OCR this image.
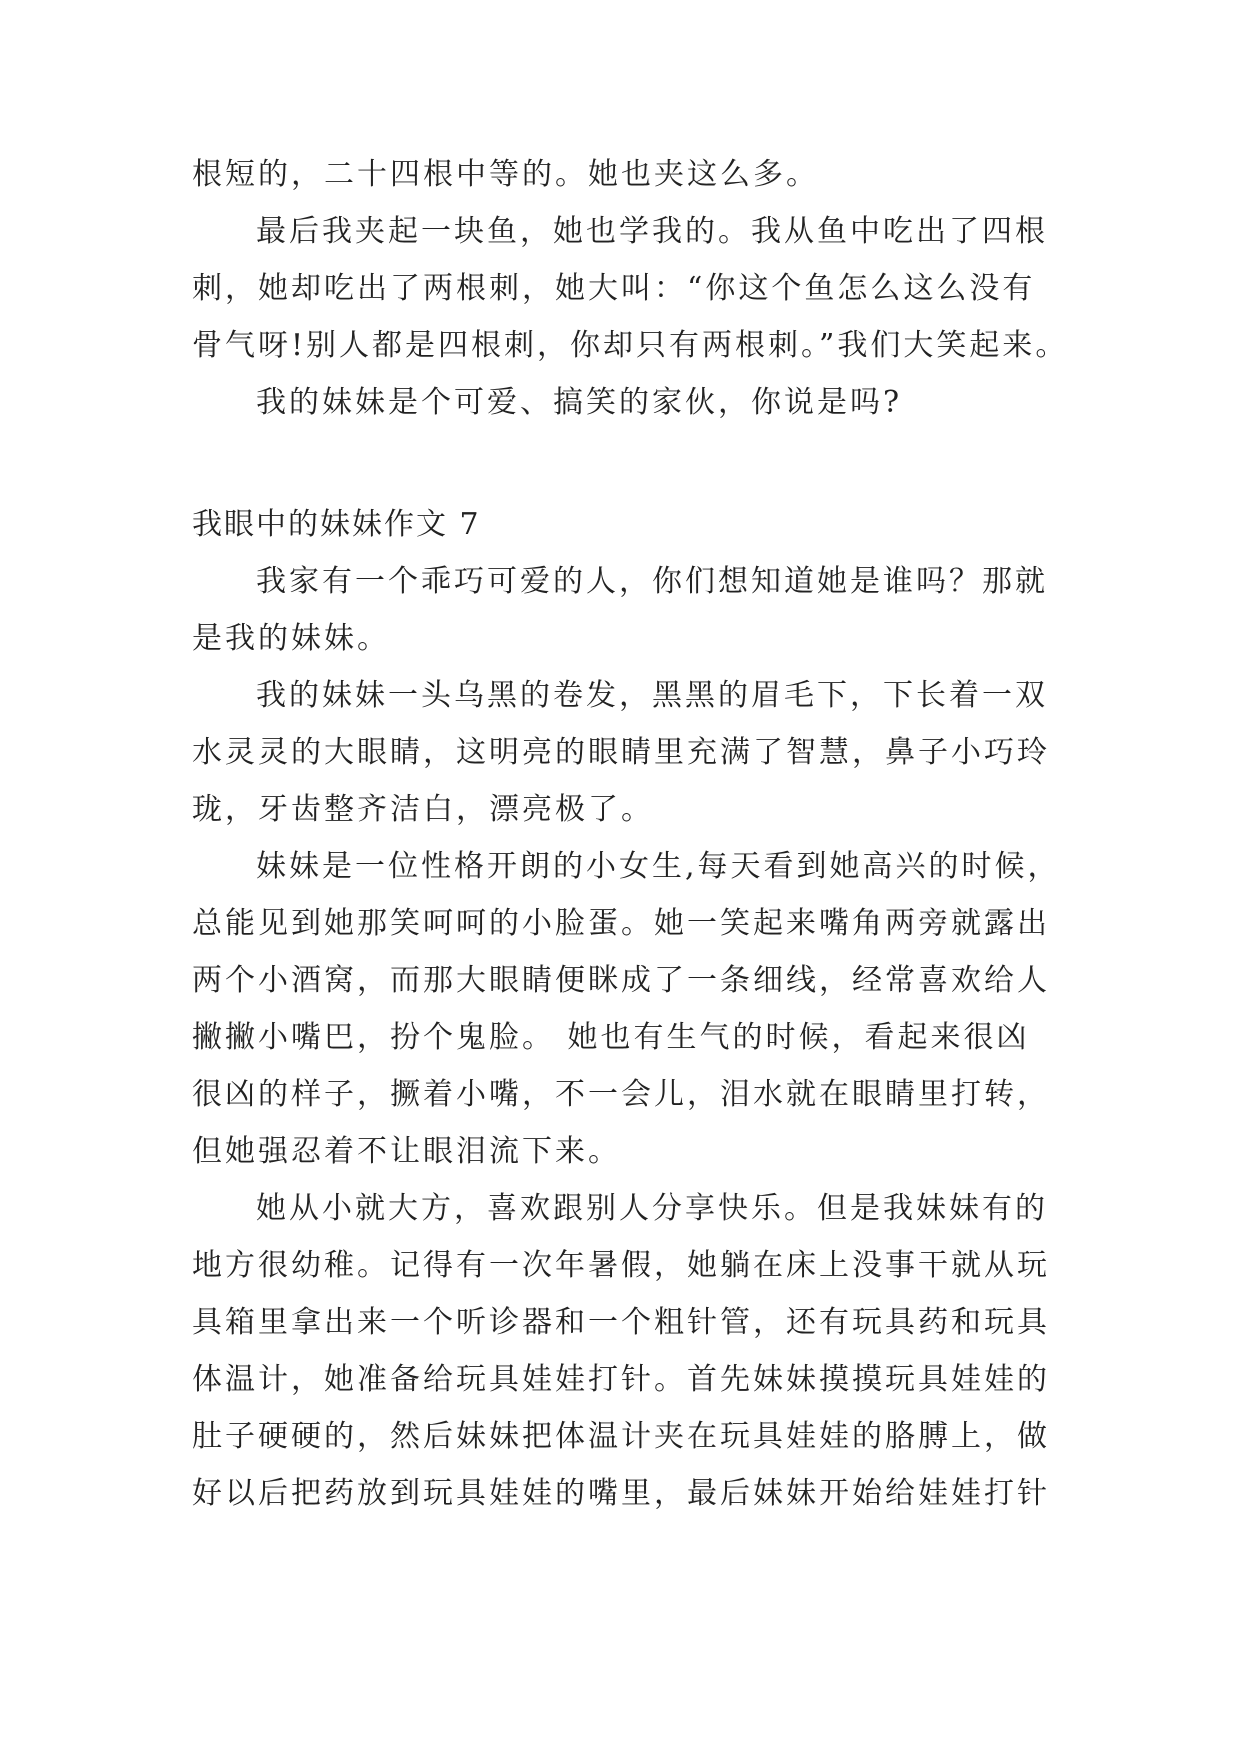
根短的，二十四根中等的。她也夹这么多。
最后我夹起一块鱼，她也学我的。我从鱼中吃出了四根
刺，她却吃出了两根刺，她大叫：“你这个鱼怎么这么没有
骨气呀!别人都是四根刺，你却只有两根刺。”我们大笑起来。
我的妹妹是个可爱、搞笑的家伙，你说是吗?
我眼中的妹妹作文 7
我家有一个乖巧可爱的人，你们想知道她是谁吗？那就
是我的妹妹。
我的妹妹一头乌黑的卷发，黑黑的眉毛下，下长着一双
水灵灵的大眼睛，这明亮的眼睛里充满了智慧，鼻子小巧玲
珑，牙齿整齐洁白，漂亮极了。
妹妹是一位性格开朗的小女生,每天看到她高兴的时候，
总能见到她那笑呵呵的小脸蛋。她一笑起来嘴角两旁就露出
两个小酒窝，而那大眼睛便眯成了一条细线，经常喜欢给人
撇撇小嘴巴，扮个鬼脸。 她也有生气的时候，看起来很凶
很凶的样子，撅着小嘴，不一会儿，泪水就在眼睛里打转，
但她强忍着不让眼泪流下来。
她从小就大方，喜欢跟别人分享快乐。但是我妹妹有的
地方很幼稚。记得有一次年暑假，她躺在床上没事干就从玩
具箱里拿出来一个听诊器和一个粗针管，还有玩具药和玩具
体温计，她准备给玩具娃娃打针。首先妹妹摸摸玩具娃娃的
肚子硬硬的，然后妹妹把体温计夹在玩具娃娃的胳膊上，做
好以后把药放到玩具娃娃的嘴里，最后妹妹开始给娃娃打针
